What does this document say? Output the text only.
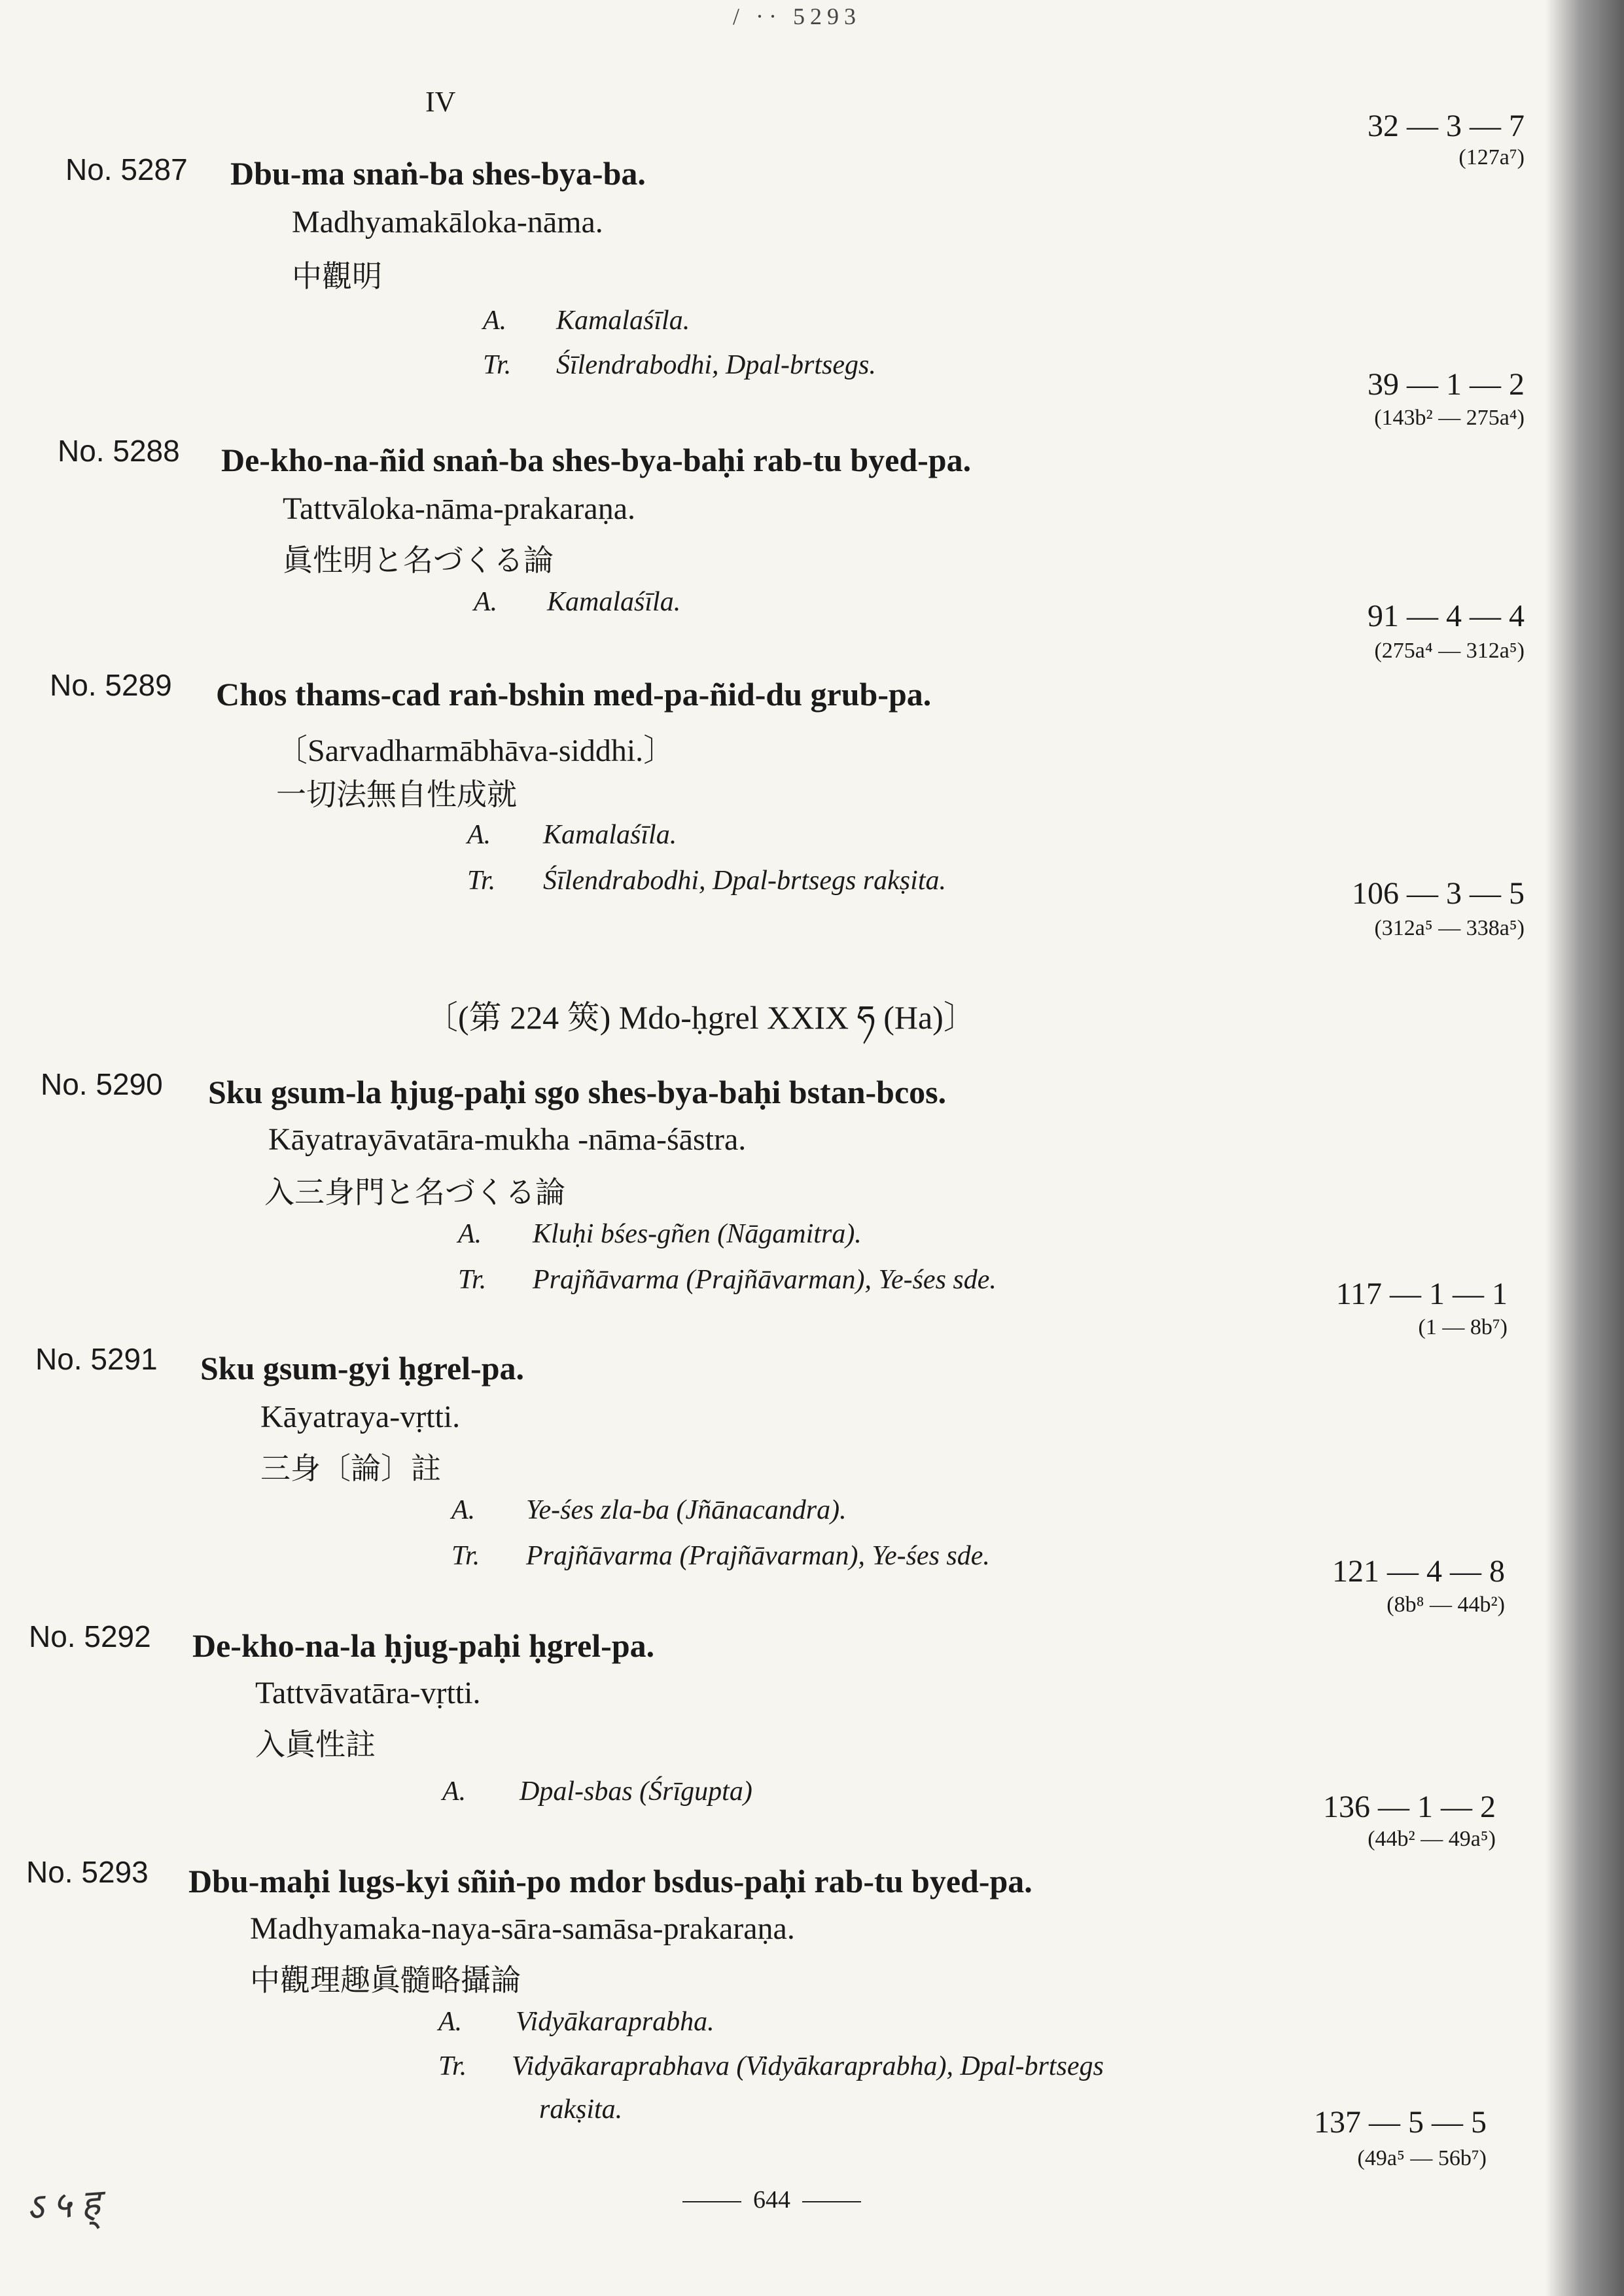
/ ·· 5293
IV
32 — 3 — 7
(127a⁷)
No. 5287 Dbu-ma snaṅ-ba shes-bya-ba.
Madhyamakāloka-nāma.
中觀明
A. Kamalaśīla.
Tr. Śīlendrabodhi, Dpal-brtsegs.
39 — 1 — 2
(143b² — 275a⁴)
No. 5288 De-kho-na-ñid snaṅ-ba shes-bya-baḥi rab-tu byed-pa.
Tattvāloka-nāma-prakaraṇa.
眞性明と名づくる論
A. Kamalaśīla.	91 — 4 — 4
(275a⁴ — 312a⁵)
No. 5289 Chos thams-cad raṅ-bshin med-pa-ñid-du grub-pa.
〔Sarvadharmābhāva-siddhi.〕
一切法無自性成就
A. Kamalaśīla.
Tr. Śīlendrabodhi, Dpal-brtsegs rakṣita.	106 — 3 — 5
(312a⁵ — 338a⁵)
〔(第 224 筴) Mdo-ḥgrel XXIX ཧ (Ha)〕
No. 5290 Sku gsum-la ḥjug-paḥi sgo shes-bya-baḥi bstan-bcos.
Kāyatrayāvatāra-mukha -nāma-śāstra.
入三身門と名づくる論
A. Kluḥi bśes-gñen (Nāgamitra).
Tr. Prajñāvarma (Prajñāvarman), Ye-śes sde.	117 — 1 — 1
(1 — 8b⁷)
No. 5291 Sku gsum-gyi ḥgrel-pa.
Kāyatraya-vṛtti.
三身〔論〕註
A. Ye-śes zla-ba (Jñānacandra).
Tr. Prajñāvarma (Prajñāvarman), Ye-śes sde.	121 — 4 — 8
(8b⁸ — 44b²)
No. 5292 De-kho-na-la ḥjug-paḥi ḥgrel-pa.
Tattvāvatāra-vṛtti.
入眞性註
A. Dpal-sbas (Śrīgupta)	136 — 1 — 2
(44b² — 49a⁵)
No. 5293 Dbu-maḥi lugs-kyi sñiṅ-po mdor bsdus-paḥi rab-tu byed-pa.
Madhyamaka-naya-sāra-samāsa-prakaraṇa.
中觀理趣眞髓略攝論
A. Vidyākaraprabha.
Tr. Vidyākaraprabhava (Vidyākaraprabha), Dpal-brtsegs
rakṣita.	137 — 5 — 5
(49a⁵ — 56b⁷)
ऽ ५ ह्	644
